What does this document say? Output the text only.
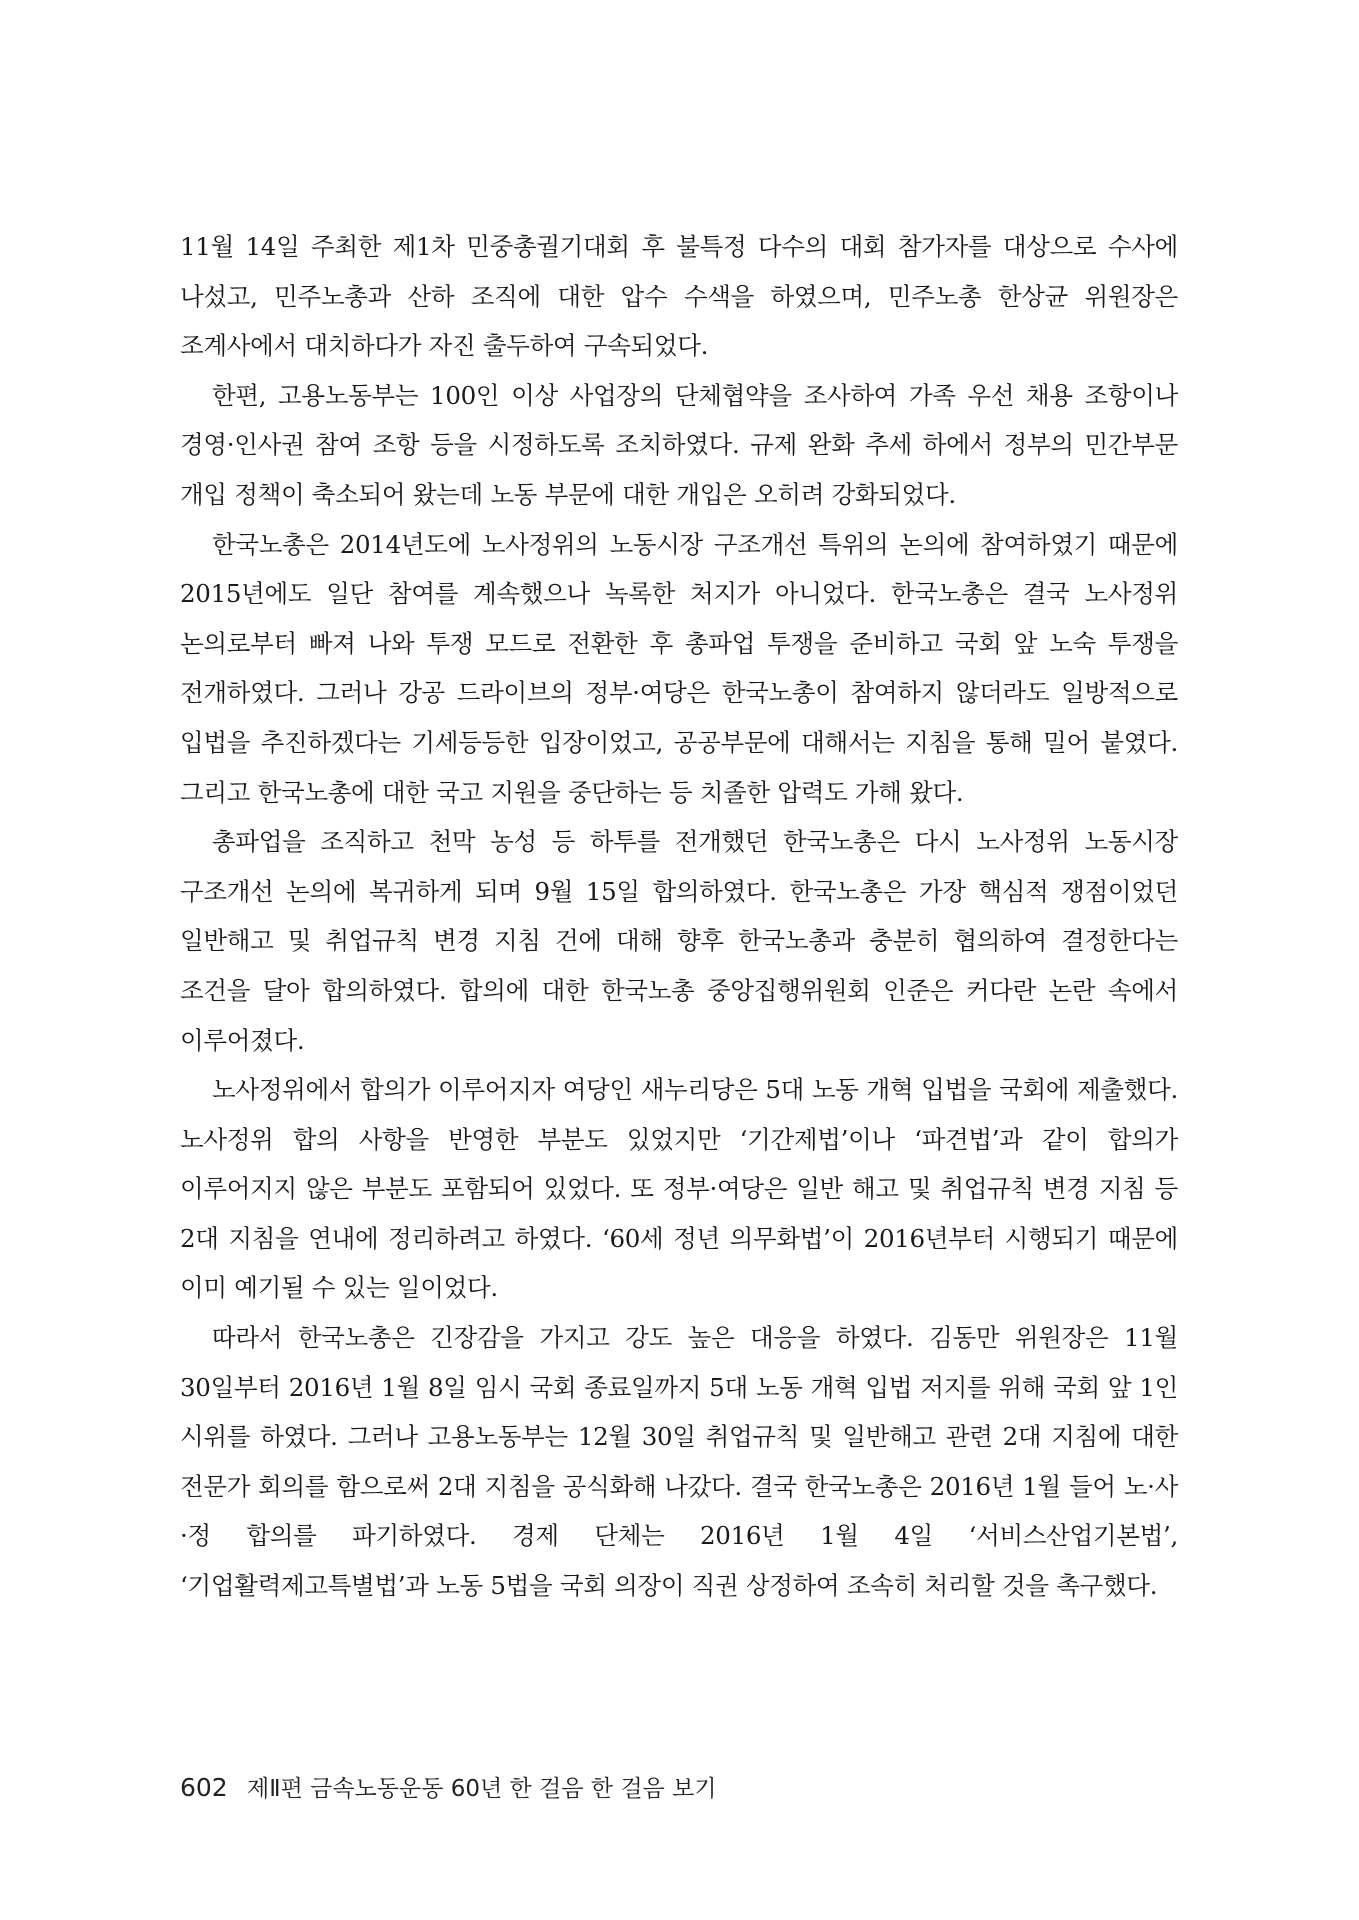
11월 14일 주최한 제1차 민중총궐기대회 후 불특정 다수의 대회 참가자를 대상으로 수사에 나섰고, 민주노총과 산하 조직에 대한 압수 수색을 하였으며, 민주노총 한상균 위원장은 조계사에서 대치하다가 자진 출두하여 구속되었다.

한편, 고용노동부는 100인 이상 사업장의 단체협약을 조사하여 가족 우선 채용 조항이나 경영·인사권 참여 조항 등을 시정하도록 조치하였다. 규제 완화 추세 하에서 정부의 민간부문 개입 정책이 축소되어 왔는데 노동 부문에 대한 개입은 오히려 강화되었다.

한국노총은 2014년도에 노사정위의 노동시장 구조개선 특위의 논의에 참여하였기 때문에 2015년에도 일단 참여를 계속했으나 녹록한 처지가 아니었다. 한국노총은 결국 노사정위 논의로부터 빠져 나와 투쟁 모드로 전환한 후 총파업 투쟁을 준비하고 국회 앞 노숙 투쟁을 전개하였다. 그러나 강공 드라이브의 정부·여당은 한국노총이 참여하지 않더라도 일방적으로 입법을 추진하겠다는 기세등등한 입장이었고, 공공부문에 대해서는 지침을 통해 밀어 붙였다. 그리고 한국노총에 대한 국고 지원을 중단하는 등 치졸한 압력도 가해 왔다.

총파업을 조직하고 천막 농성 등 하투를 전개했던 한국노총은 다시 노사정위 노동시장 구조개선 논의에 복귀하게 되며 9월 15일 합의하였다. 한국노총은 가장 핵심적 쟁점이었던 일반해고 및 취업규칙 변경 지침 건에 대해 향후 한국노총과 충분히 협의하여 결정한다는 조건을 달아 합의하였다. 합의에 대한 한국노총 중앙집행위원회 인준은 커다란 논란 속에서 이루어졌다.

노사정위에서 합의가 이루어지자 여당인 새누리당은 5대 노동 개혁 입법을 국회에 제출했다. 노사정위 합의 사항을 반영한 부분도 있었지만 ‘기간제법’이나 ‘파견법’과 같이 합의가 이루어지지 않은 부분도 포함되어 있었다. 또 정부·여당은 일반 해고 및 취업규칙 변경 지침 등 2대 지침을 연내에 정리하려고 하였다. ‘60세 정년 의무화법’이 2016년부터 시행되기 때문에 이미 예기될 수 있는 일이었다.

따라서 한국노총은 긴장감을 가지고 강도 높은 대응을 하였다. 김동만 위원장은 11월 30일부터 2016년 1월 8일 임시 국회 종료일까지 5대 노동 개혁 입법 저지를 위해 국회 앞 1인 시위를 하였다. 그러나 고용노동부는 12월 30일 취업규칙 및 일반해고 관련 2대 지침에 대한 전문가 회의를 함으로써 2대 지침을 공식화해 나갔다. 결국 한국노총은 2016년 1월 들어 노·사·정 합의를 파기하였다. 경제 단체는 2016년 1월 4일 ‘서비스산업기본법’, ‘기업활력제고특별법’과 노동 5법을 국회 의장이 직권 상정하여 조속히 처리할 것을 촉구했다.

602 제Ⅱ편 금속노동운동 60년 한 걸음 한 걸음 보기
